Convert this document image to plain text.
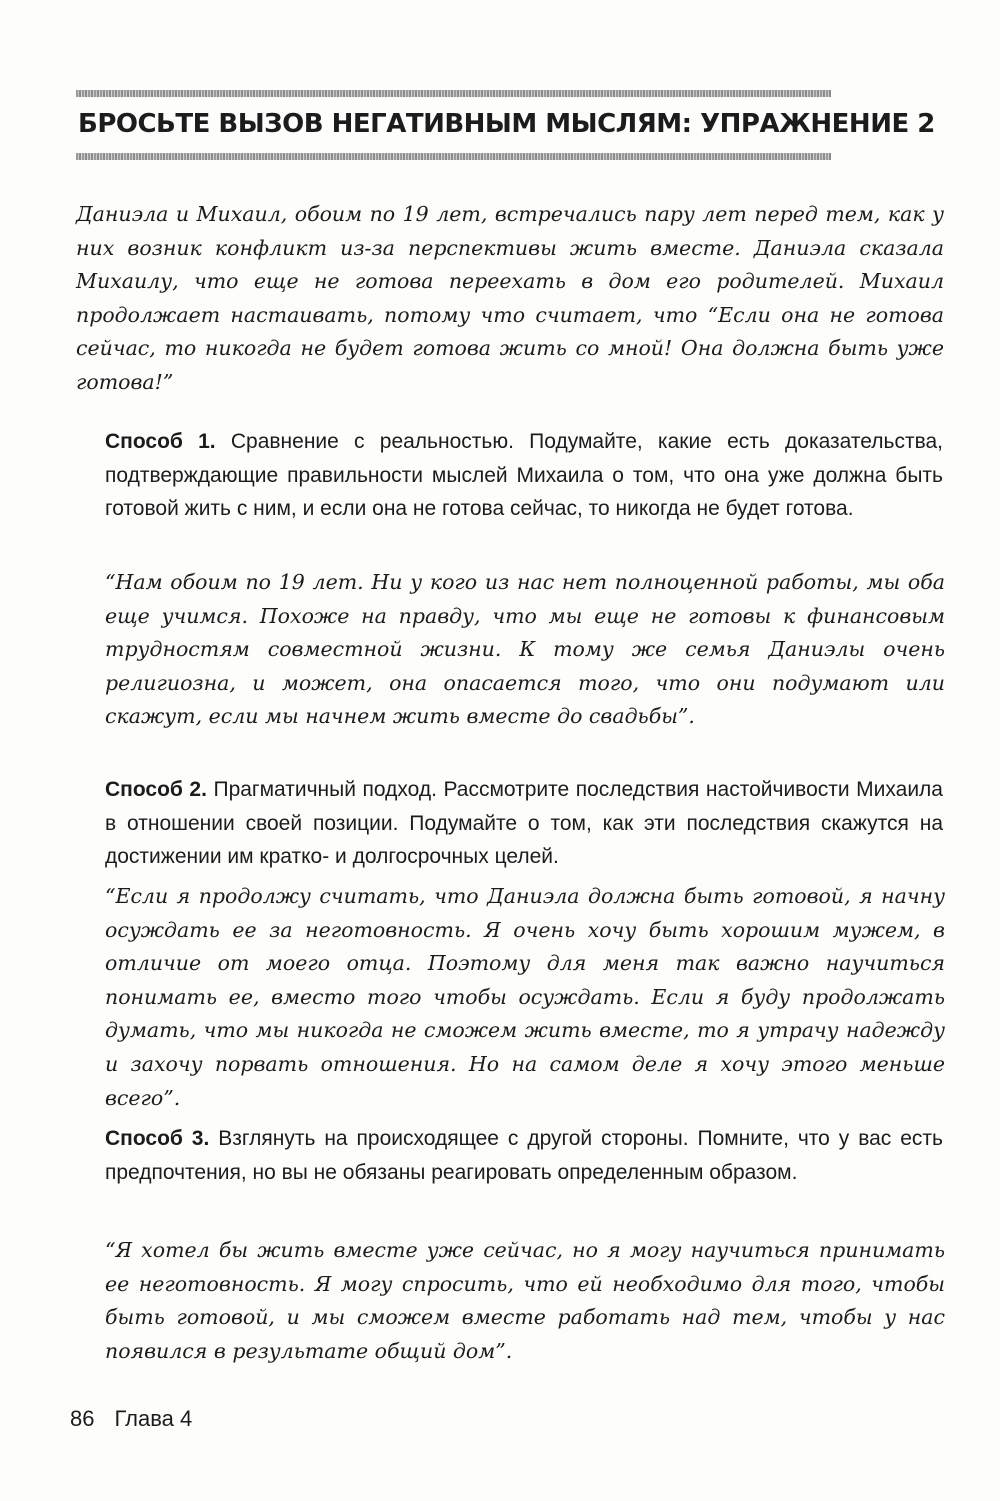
БРОСЬТЕ ВЫЗОВ НЕГАТИВНЫМ МЫСЛЯМ: УПРАЖНЕНИЕ 2

Даниэла и Михаил, обоим по 19 лет, встречались пару лет перед тем, как у них возник конфликт из-за перспективы жить вместе. Даниэла сказала Михаилу, что еще не готова переехать в дом его родителей. Михаил продолжает настаивать, потому что считает, что “Если она не готова сейчас, то никогда не будет готова жить со мной! Она должна быть уже готова!”

Способ 1. Сравнение с реальностью. Подумайте, какие есть доказательства, подтверждающие правильности мыслей Михаила о том, что она уже должна быть готовой жить с ним, и если она не готова сейчас, то никогда не будет готова.

“Нам обоим по 19 лет. Ни у кого из нас нет полноценной работы, мы оба еще учимся. Похоже на правду, что мы еще не готовы к финансовым трудностям совместной жизни. К тому же семья Даниэлы очень религиозна, и может, она опасается того, что они подумают или скажут, если мы начнем жить вместе до свадьбы”.

Способ 2. Прагматичный подход. Рассмотрите последствия настойчивости Михаила в отношении своей позиции. Подумайте о том, как эти последствия скажутся на достижении им кратко- и долгосрочных целей.

“Если я продолжу считать, что Даниэла должна быть готовой, я начну осуждать ее за неготовность. Я очень хочу быть хорошим мужем, в отличие от моего отца. Поэтому для меня так важно научиться понимать ее, вместо того чтобы осуждать. Если я буду продолжать думать, что мы никогда не сможем жить вместе, то я утрачу надежду и захочу порвать отношения. Но на самом деле я хочу этого меньше всего”.

Способ 3. Взглянуть на происходящее с другой стороны. Помните, что у вас есть предпочтения, но вы не обязаны реагировать определенным образом.

“Я хотел бы жить вместе уже сейчас, но я могу научиться принимать ее неготовность. Я могу спросить, что ей необходимо для того, чтобы быть готовой, и мы сможем вместе работать над тем, чтобы у нас появился в результате общий дом”.

86 Глава 4
